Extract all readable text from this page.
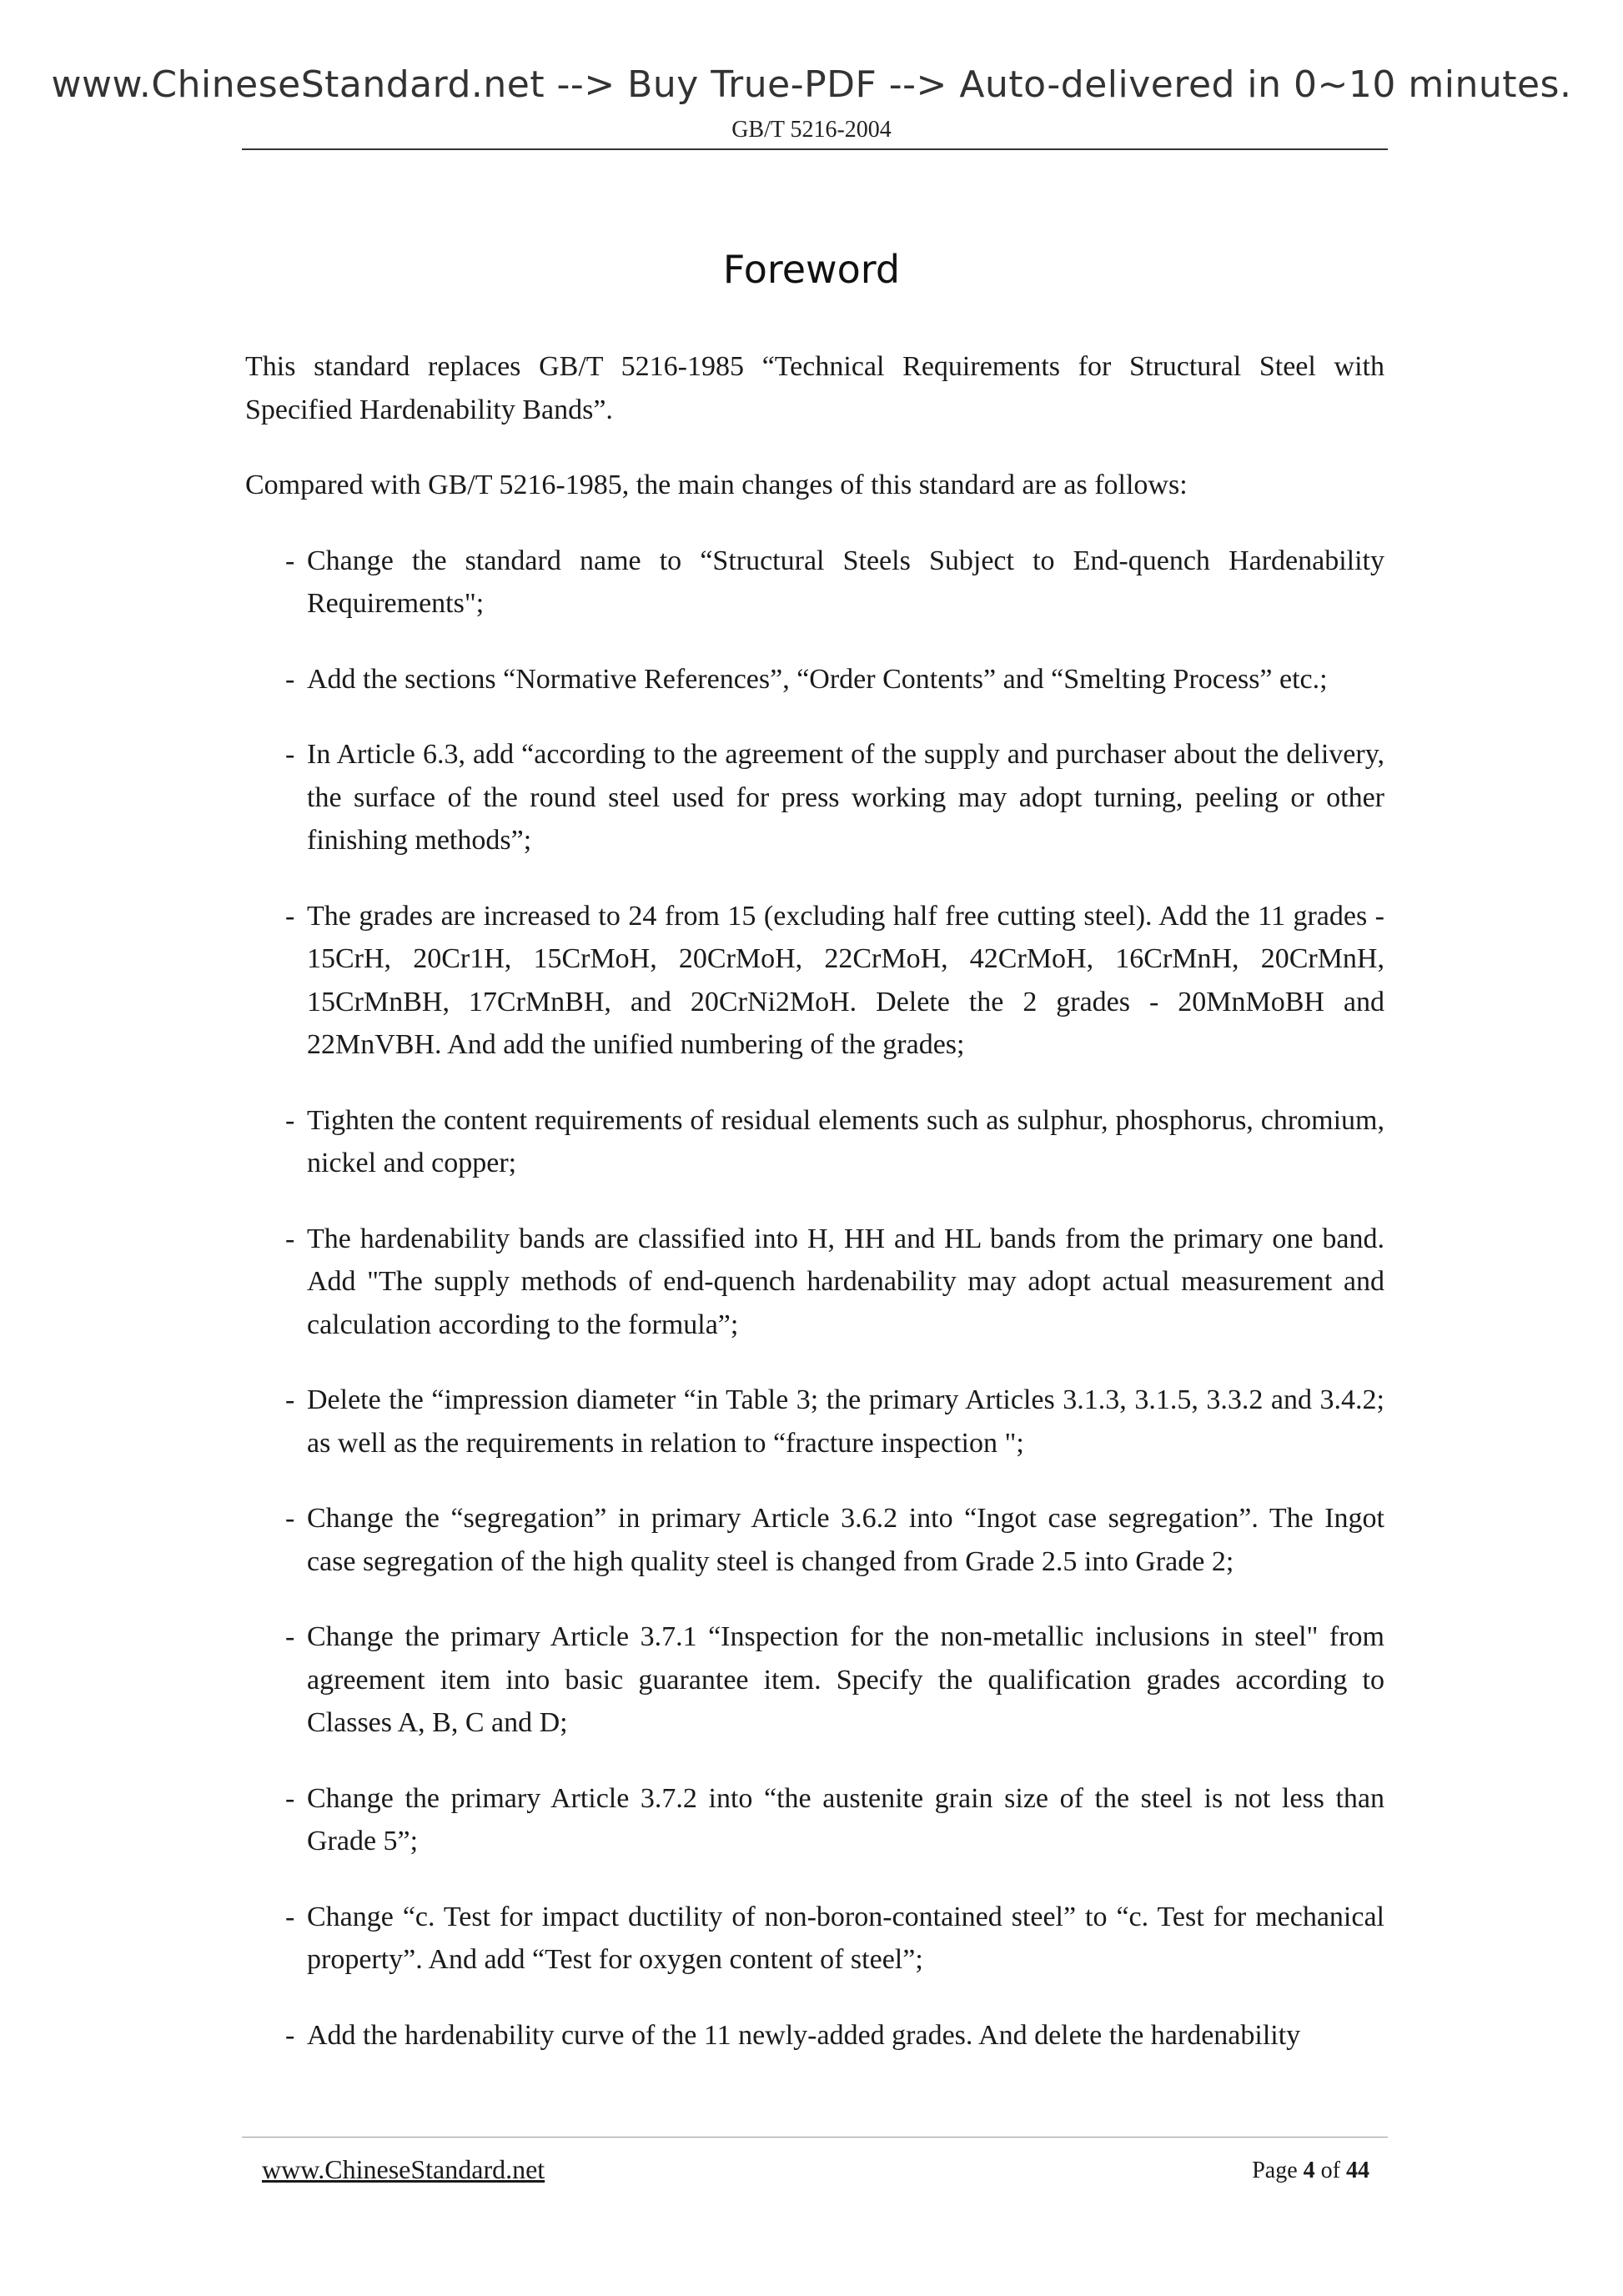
www.ChineseStandard.net --> Buy True-PDF --> Auto-delivered in 0~10 minutes.
GB/T 5216-2004
Foreword

This standard replaces GB/T 5216-1985 “Technical Requirements for Structural Steel with Specified Hardenability Bands”.

Compared with GB/T 5216-1985, the main changes of this standard are as follows:

- Change the standard name to “Structural Steels Subject to End-quench Hardenability Requirements";
- Add the sections “Normative References”, “Order Contents” and “Smelting Process” etc.;
- In Article 6.3, add “according to the agreement of the supply and purchaser about the delivery, the surface of the round steel used for press working may adopt turning, peeling or other finishing methods”;
- The grades are increased to 24 from 15 (excluding half free cutting steel). Add the 11 grades - 15CrH, 20Cr1H, 15CrMoH, 20CrMoH, 22CrMoH, 42CrMoH, 16CrMnH, 20CrMnH, 15CrMnBH, 17CrMnBH, and 20CrNi2MoH. Delete the 2 grades - 20MnMoBH and 22MnVBH. And add the unified numbering of the grades;
- Tighten the content requirements of residual elements such as sulphur, phosphorus, chromium, nickel and copper;
- The hardenability bands are classified into H, HH and HL bands from the primary one band. Add "The supply methods of end-quench hardenability may adopt actual measurement and calculation according to the formula”;
- Delete the “impression diameter “in Table 3; the primary Articles 3.1.3, 3.1.5, 3.3.2 and 3.4.2; as well as the requirements in relation to “fracture inspection ";
- Change the “segregation” in primary Article 3.6.2 into “Ingot case segregation”. The Ingot case segregation of the high quality steel is changed from Grade 2.5 into Grade 2;
- Change the primary Article 3.7.1 “Inspection for the non-metallic inclusions in steel" from agreement item into basic guarantee item. Specify the qualification grades according to Classes A, B, C and D;
- Change the primary Article 3.7.2 into “the austenite grain size of the steel is not less than Grade 5”;
- Change “c. Test for impact ductility of non-boron-contained steel” to “c. Test for mechanical property”. And add “Test for oxygen content of steel”;
- Add the hardenability curve of the 11 newly-added grades. And delete the hardenability
www.ChineseStandard.net	Page 4 of 44
